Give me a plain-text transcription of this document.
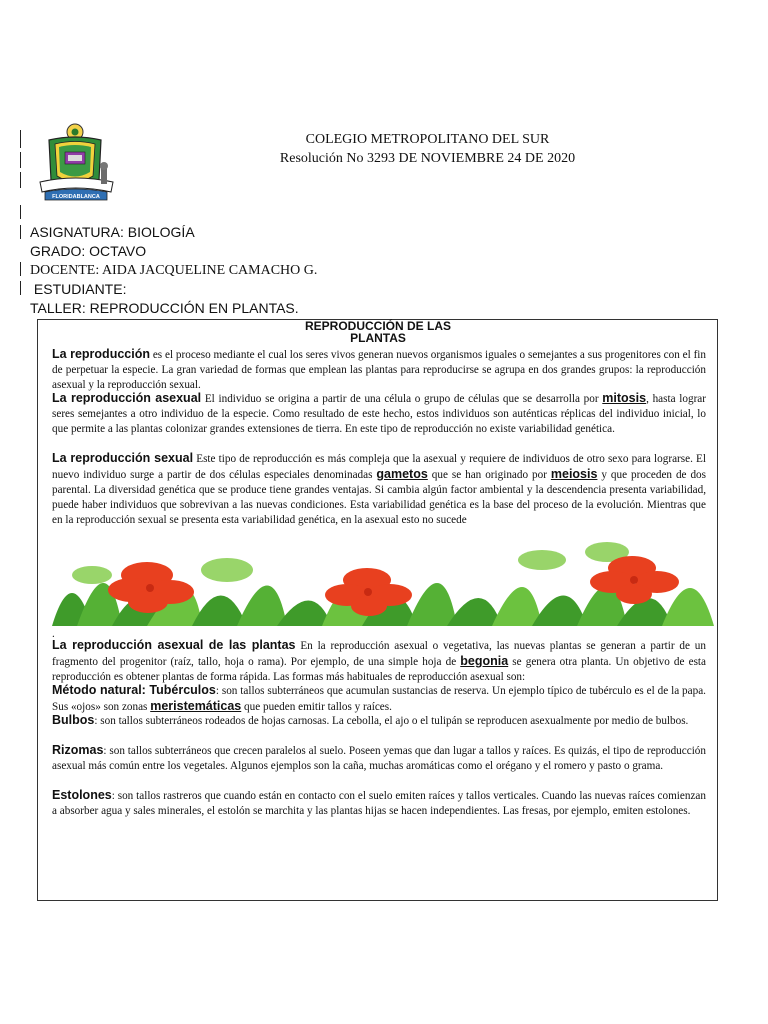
FLORIDABLANCA
COLEGIO METROPOLITANO DEL SUR
Resolución No 3293 DE NOVIEMBRE 24 DE 2020
ASIGNATURA: BIOLOGÍA
GRADO: OCTAVO
DOCENTE: AIDA JACQUELINE CAMACHO G.
ESTUDIANTE:
TALLER: REPRODUCCIÓN EN PLANTAS.
REPRODUCCIÓN DE LAS
PLANTAS
La reproducción es el proceso mediante el cual los seres vivos generan nuevos organismos iguales o semejantes a sus progenitores con el fin de perpetuar la especie. La gran variedad de formas que emplean las plantas para reproducirse se agrupa en dos grandes grupos: la reproducción asexual y la reproducción sexual.
La reproducción asexual El individuo se origina a partir de una célula o grupo de células que se desarrolla por mitosis, hasta lograr seres semejantes a otro individuo de la especie. Como resultado de este hecho, estos individuos son auténticas réplicas del individuo inicial, lo que permite a las plantas colonizar grandes extensiones de tierra. En este tipo de reproducción no existe variabilidad genética.
La reproducción sexual Este tipo de reproducción es más compleja que la asexual y requiere de individuos de otro sexo para lograrse. El nuevo individuo surge a partir de dos células especiales denominadas gametos que se han originado por meiosis y que proceden de dos parental. La diversidad genética que se produce tiene grandes ventajas. Si cambia algún factor ambiental y la descendencia presenta variabilidad, puede haber individuos que sobrevivan a las nuevas condiciones. Esta variabilidad genética es la base del proceso de la evolución. Mientras que en la reproducción sexual se presenta esta variabilidad genética, en la asexual esto no sucede
.
La reproducción asexual de las plantas En la reproducción asexual o vegetativa, las nuevas plantas se generan a partir de un fragmento del progenitor (raíz, tallo, hoja o rama). Por ejemplo, de una simple hoja de begonia se genera otra planta. Un objetivo de esta reproducción es obtener plantas de forma rápida. Las formas más habituales de reproducción asexual son:
Método natural: Tubérculos: son tallos subterráneos que acumulan sustancias de reserva. Un ejemplo típico de tubérculo es el de la papa. Sus «ojos» son zonas meristemáticas que pueden emitir tallos y raíces.
Bulbos: son tallos subterráneos rodeados de hojas carnosas. La cebolla, el ajo o el tulipán se reproducen asexualmente por medio de bulbos.
Rizomas: son tallos subterráneos que crecen paralelos al suelo. Poseen yemas que dan lugar a tallos y raíces. Es quizás, el tipo de reproducción asexual más común entre los vegetales. Algunos ejemplos son la caña, muchas aromáticas como el orégano y el romero y pasto o grama.
Estolones: son tallos rastreros que cuando están en contacto con el suelo emiten raíces y tallos verticales. Cuando las nuevas raíces comienzan a absorber agua y sales minerales, el estolón se marchita y las plantas hijas se hacen independientes. Las fresas, por ejemplo, emiten estolones.
